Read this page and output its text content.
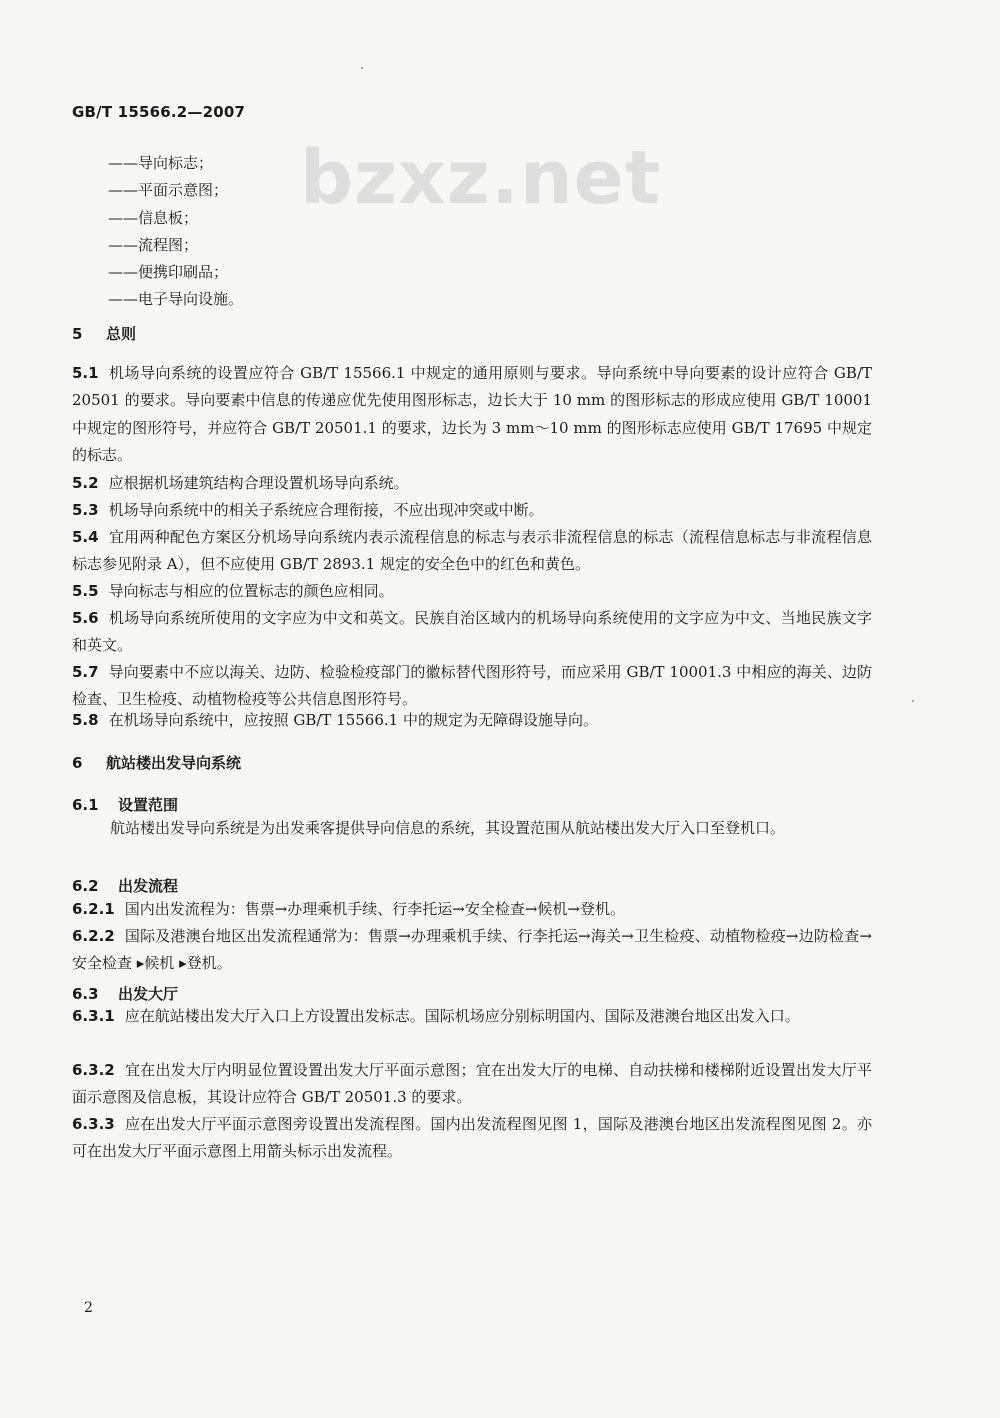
GB/T 15566.2—2007
bzxz.net
——导向标志；
——平面示意图；
——信息板；
——流程图；
——便携印刷品；
——电子导向设施。
5 总则
5.1 机场导向系统的设置应符合 GB/T 15566.1 中规定的通用原则与要求。导向系统中导向要素的设计应符合 GB/T 20501 的要求。导向要素中信息的传递应优先使用图形标志，边长大于 10 mm 的图形标志的形成应使用 GB/T 10001 中规定的图形符号，并应符合 GB/T 20501.1 的要求，边长为 3 mm～10 mm 的图形标志应使用 GB/T 17695 中规定的标志。
5.2 应根据机场建筑结构合理设置机场导向系统。
5.3 机场导向系统中的相关子系统应合理衔接，不应出现冲突或中断。
5.4 宜用两种配色方案区分机场导向系统内表示流程信息的标志与表示非流程信息的标志（流程信息标志与非流程信息标志参见附录 A），但不应使用 GB/T 2893.1 规定的安全色中的红色和黄色。
5.5 导向标志与相应的位置标志的颜色应相同。
5.6 机场导向系统所使用的文字应为中文和英文。民族自治区域内的机场导向系统使用的文字应为中文、当地民族文字和英文。
5.7 导向要素中不应以海关、边防、检验检疫部门的徽标替代图形符号，而应采用 GB/T 10001.3 中相应的海关、边防检查、卫生检疫、动植物检疫等公共信息图形符号。
5.8 在机场导向系统中，应按照 GB/T 15566.1 中的规定为无障碍设施导向。
6 航站楼出发导向系统
6.1 设置范围
航站楼出发导向系统是为出发乘客提供导向信息的系统，其设置范围从航站楼出发大厅入口至登机口。
6.2 出发流程
6.2.1 国内出发流程为：售票→办理乘机手续、行李托运→安全检查→候机→登机。
6.2.2 国际及港澳台地区出发流程通常为：售票→办理乘机手续、行李托运→海关→卫生检疫、动植物检疫→边防检查→安全检查 ▸候机 ▸登机。
6.3 出发大厅
6.3.1 应在航站楼出发大厅入口上方设置出发标志。国际机场应分别标明国内、国际及港澳台地区出发入口。
6.3.2 宜在出发大厅内明显位置设置出发大厅平面示意图；宜在出发大厅的电梯、自动扶梯和楼梯附近设置出发大厅平面示意图及信息板，其设计应符合 GB/T 20501.3 的要求。
6.3.3 应在出发大厅平面示意图旁设置出发流程图。国内出发流程图见图 1，国际及港澳台地区出发流程图见图 2。亦可在出发大厅平面示意图上用箭头标示出发流程。
2
